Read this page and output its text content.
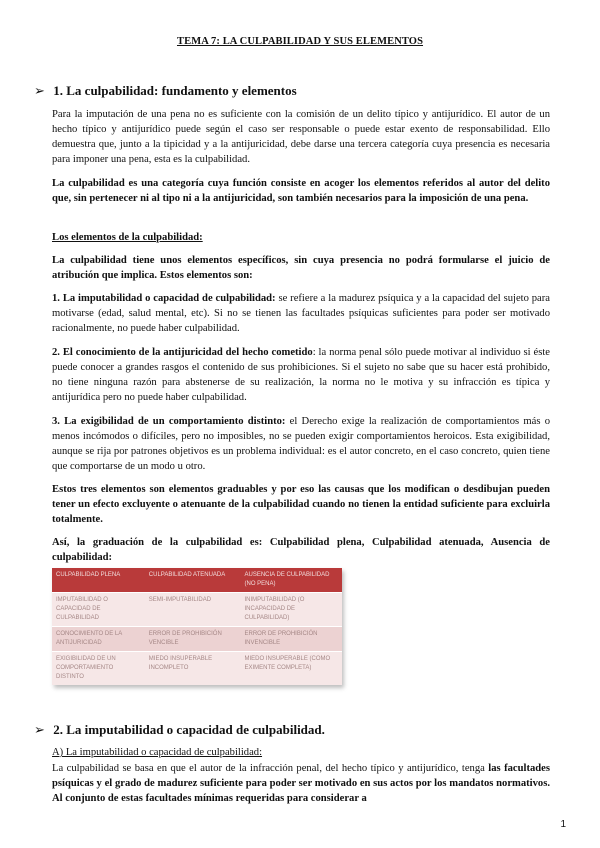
TEMA 7: LA CULPABILIDAD Y SUS ELEMENTOS
➢ 1. La culpabilidad: fundamento y elementos

Para la imputación de una pena no es suficiente con la comisión de un delito típico y antijurídico. El autor de un hecho típico y antijurídico puede según el caso ser responsable o puede estar exento de responsabilidad. Ello demuestra que, junto a la tipicidad y a la antijuricidad, debe darse una tercera categoría cuya presencia es necesaria para imponer una pena, esta es la culpabilidad.

La culpabilidad es una categoría cuya función consiste en acoger los elementos referidos al autor del delito que, sin pertenecer ni al tipo ni a la antijuricidad, son también necesarios para la imposición de una pena.

Los elementos de la culpabilidad:

La culpabilidad tiene unos elementos específicos, sin cuya presencia no podrá formularse el juicio de atribución que implica. Estos elementos son:

1. La imputabilidad o capacidad de culpabilidad: se refiere a la madurez psíquica y a la capacidad del sujeto para motivarse (edad, salud mental, etc). Si no se tienen las facultades psíquicas suficientes para poder ser motivado racionalmente, no puede haber culpabilidad.

2. El conocimiento de la antijuricidad del hecho cometido: la norma penal sólo puede motivar al individuo si éste puede conocer a grandes rasgos el contenido de sus prohibiciones. Si el sujeto no sabe que su hacer está prohibido, no tiene ninguna razón para abstenerse de su realización, la norma no le motiva y su infracción es típica y antijurídica pero no puede haber culpabilidad.

3. La exigibilidad de un comportamiento distinto: el Derecho exige la realización de comportamientos más o menos incómodos o difíciles, pero no imposibles, no se pueden exigir comportamientos heroicos. Esta exigibilidad, aunque se rija por patrones objetivos es un problema individual: es el autor concreto, en el caso concreto, quien tiene que comportarse de un modo u otro.

Estos tres elementos son elementos graduables y por eso las causas que los modifican o desdibujan pueden tener un efecto excluyente o atenuante de la culpabilidad cuando no tienen la entidad suficiente para excluirla totalmente.

Así, la graduación de la culpabilidad es: Culpabilidad plena, Culpabilidad atenuada, Ausencia de culpabilidad:

CULPABILIDAD PLENA	CULPABILIDAD ATENUADA	AUSENCIA DE CULPABILIDAD (NO PENA)
IMPUTABILIDAD O CAPACIDAD DE CULPABILIDAD	SEMI-IMPUTABILIDAD	INIMPUTABILIDAD (O INCAPACIDAD DE CULPABILIDAD)
CONOCIMIENTO DE LA ANTIJURICIDAD	ERROR DE PROHIBICIÓN VENCIBLE	ERROR DE PROHIBICIÓN INVENCIBLE
EXIGIBILIDAD DE UN COMPORTAMIENTO DISTINTO	MIEDO INSUPERABLE INCOMPLETO	MIEDO INSUPERABLE (COMO EXIMENTE COMPLETA)
➢ 2. La imputabilidad o capacidad de culpabilidad.

A) La imputabilidad o capacidad de culpabilidad:

La culpabilidad se basa en que el autor de la infracción penal, del hecho típico y antijurídico, tenga las facultades psíquicas y el grado de madurez suficiente para poder ser motivado en sus actos por los mandatos normativos. Al conjunto de estas facultades mínimas requeridas para considerar a

1
